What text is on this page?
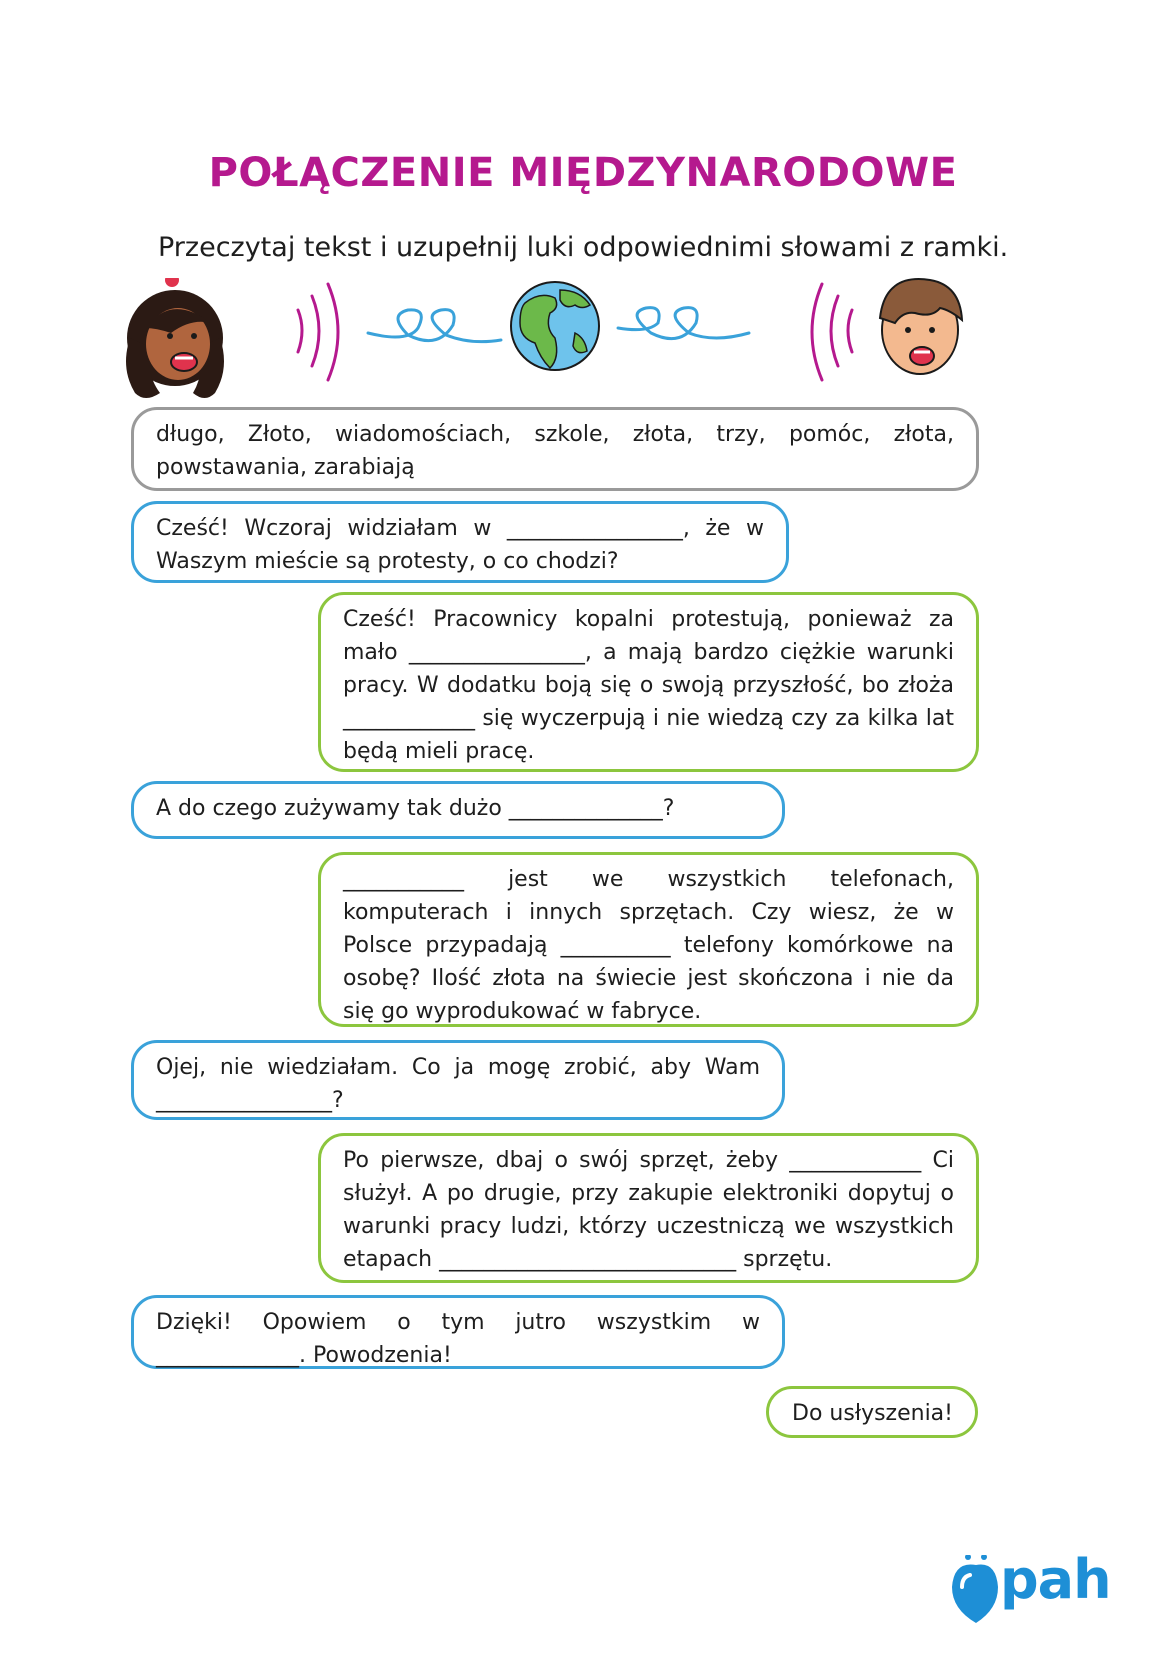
POŁĄCZENIE MIĘDZYNARODOWE
Przeczytaj tekst i uzupełnij luki odpowiednimi słowami z ramki.
długo, Złoto, wiadomościach, szkole, złota, trzy, pomóc, złota, powstawania, zarabiają
Cześć! Wczoraj widziałam w ________________, że w Waszym mieście są protesty, o co chodzi?
Cześć! Pracownicy kopalni protestują, ponieważ za mało ________________, a mają bardzo ciężkie warunki pracy. W dodatku boją się o swoją przyszłość, bo złoża ____________ się wyczerpują i nie wiedzą czy za kilka lat będą mieli pracę.
A do czego zużywamy tak dużo ______________?
___________ jest we wszystkich telefonach, komputerach i innych sprzętach. Czy wiesz, że w Polsce przypadają __________ telefony komórkowe na osobę? Ilość złota na świecie jest skończona i nie da się go wyprodukować w fabryce.
Ojej, nie wiedziałam. Co ja mogę zrobić, aby Wam ________________?
Po pierwsze, dbaj o swój sprzęt, żeby ____________ Ci służył. A po drugie, przy zakupie elektroniki dopytuj o warunki pracy ludzi, którzy uczestniczą we wszystkich etapach ___________________________ sprzętu.
Dzięki! Opowiem o tym jutro wszystkim w _____________. Powodzenia!
Do usłyszenia!
pah
